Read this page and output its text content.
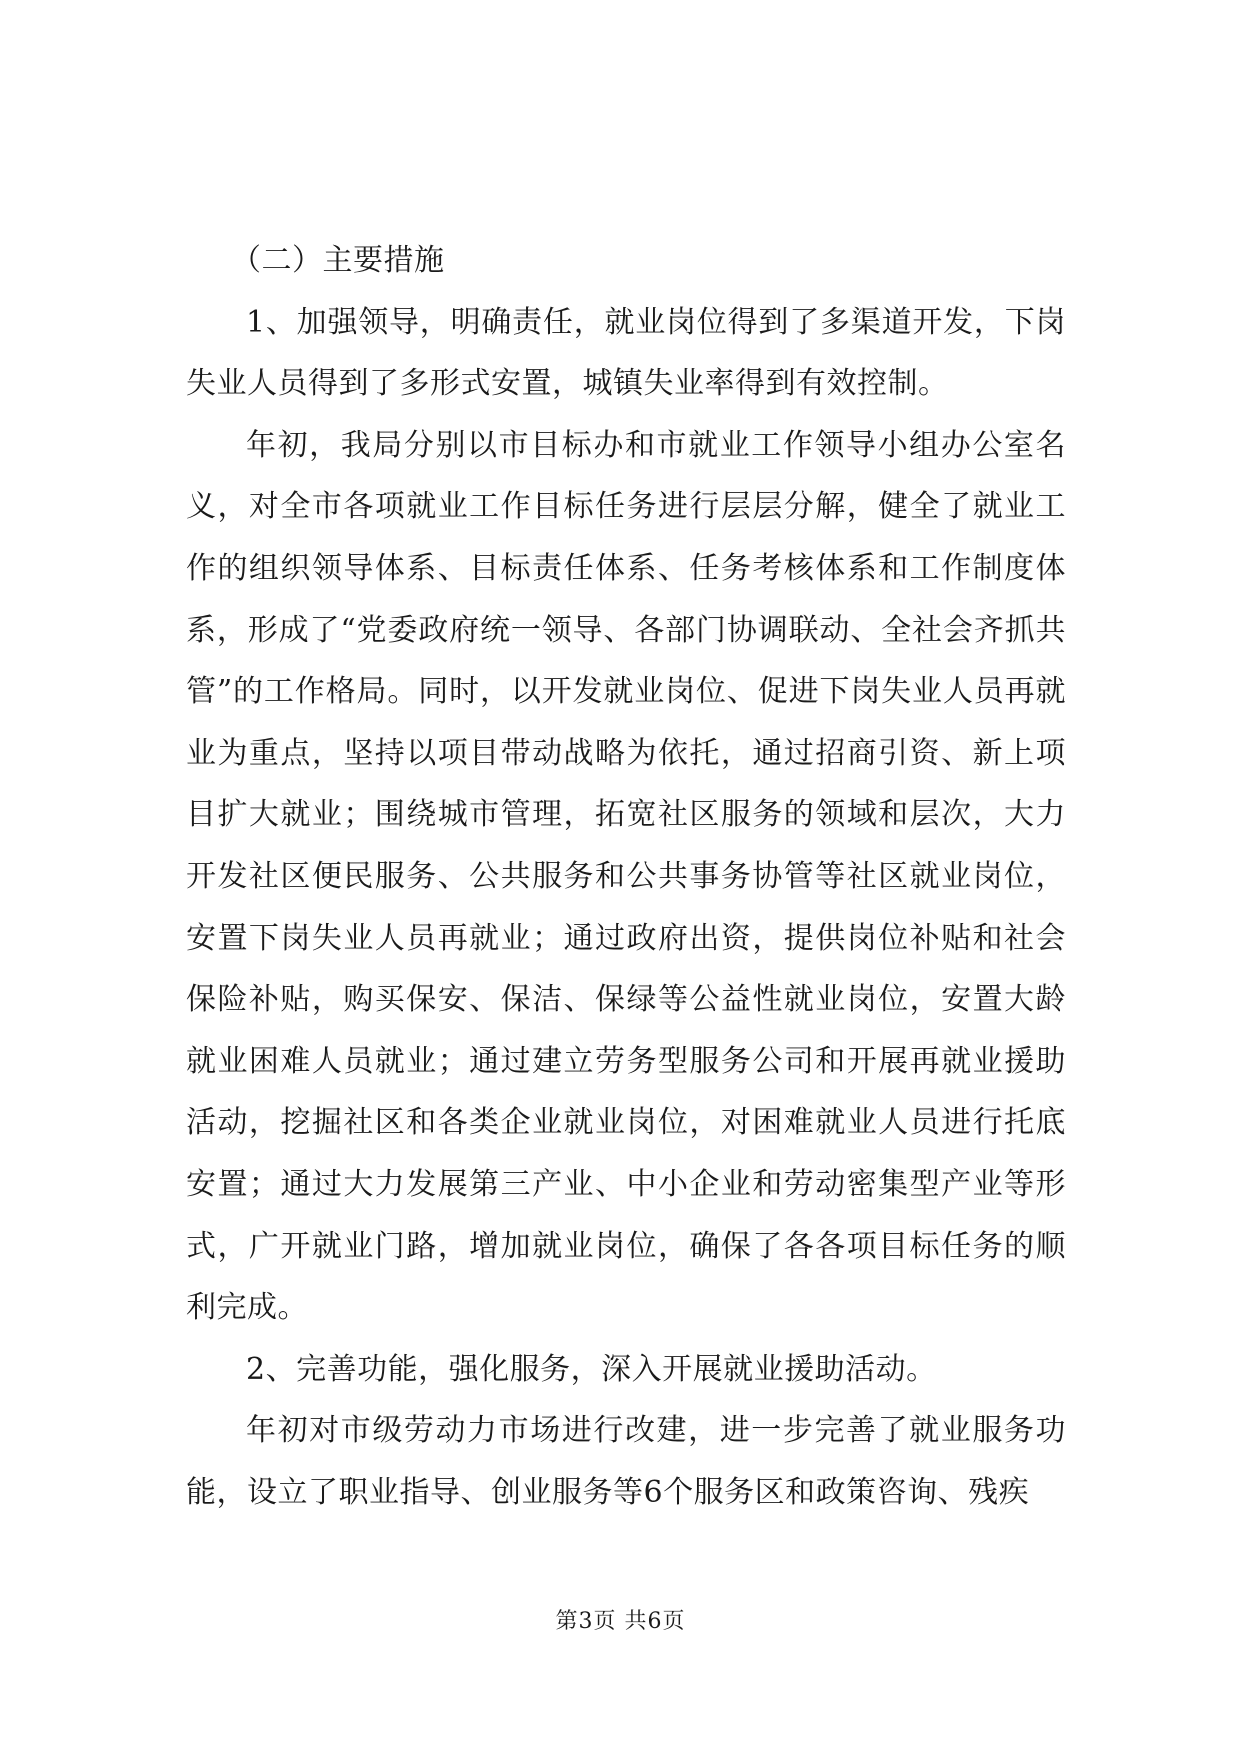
（二）主要措施

1、加强领导，明确责任，就业岗位得到了多渠道开发，下岗失业人员得到了多形式安置，城镇失业率得到有效控制。

年初，我局分别以市目标办和市就业工作领导小组办公室名义，对全市各项就业工作目标任务进行层层分解，健全了就业工作的组织领导体系、目标责任体系、任务考核体系和工作制度体系，形成了“党委政府统一领导、各部门协调联动、全社会齐抓共管”的工作格局。同时，以开发就业岗位、促进下岗失业人员再就业为重点，坚持以项目带动战略为依托，通过招商引资、新上项目扩大就业；围绕城市管理，拓宽社区服务的领域和层次，大力开发社区便民服务、公共服务和公共事务协管等社区就业岗位，安置下岗失业人员再就业；通过政府出资，提供岗位补贴和社会保险补贴，购买保安、保洁、保绿等公益性就业岗位，安置大龄就业困难人员就业；通过建立劳务型服务公司和开展再就业援助活动，挖掘社区和各类企业就业岗位，对困难就业人员进行托底安置；通过大力发展第三产业、中小企业和劳动密集型产业等形式，广开就业门路，增加就业岗位，确保了各各项目标任务的顺利完成。

2、完善功能，强化服务，深入开展就业援助活动。

年初对市级劳动力市场进行改建，进一步完善了就业服务功能，设立了职业指导、创业服务等6个服务区和政策咨询、残疾

第3页 共6页
